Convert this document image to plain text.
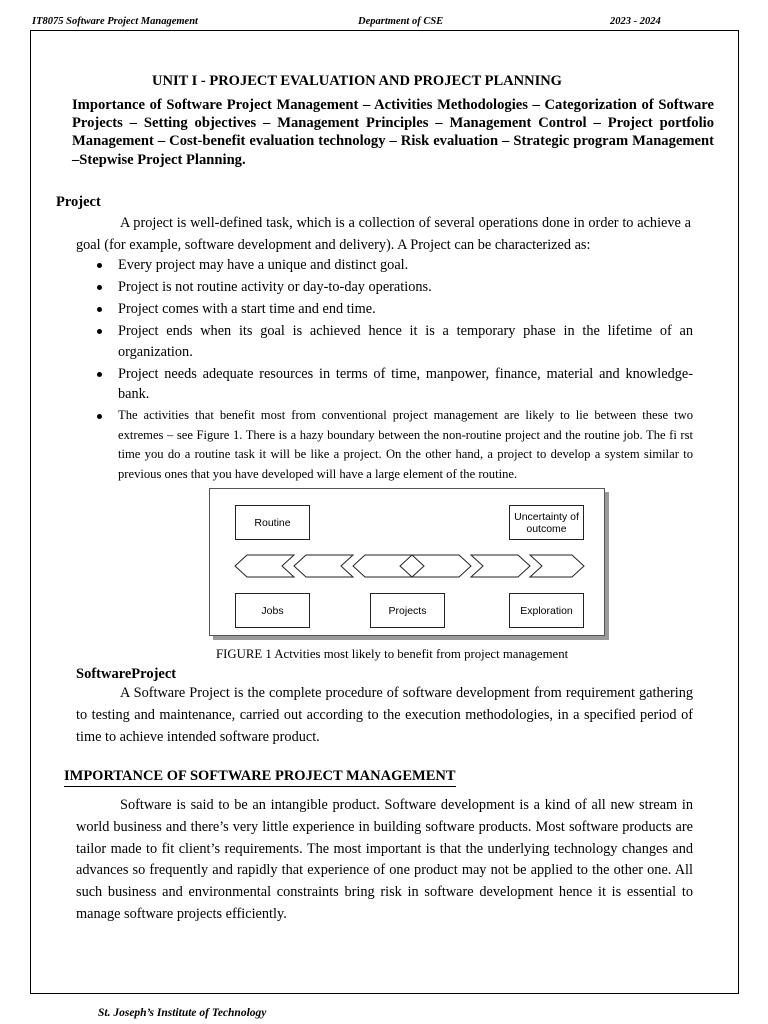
IT8075 Software Project Management	Department of CSE	2023 - 2024
UNIT I - PROJECT EVALUATION AND PROJECT PLANNING
Importance of Software Project Management – Activities Methodologies – Categorization of Software Projects – Setting objectives – Management Principles – Management Control – Project portfolio Management – Cost-benefit evaluation technology – Risk evaluation – Strategic program Management –Stepwise Project Planning.
Project
A project is well-defined task, which is a collection of several operations done in order to achieve a goal (for example, software development and delivery). A Project can be characterized as:
Every project may have a unique and distinct goal.
Project is not routine activity or day-to-day operations.
Project comes with a start time and end time.
Project ends when its goal is achieved hence it is a temporary phase in the lifetime of an organization.
Project needs adequate resources in terms of time, manpower, finance, material and knowledge-bank.
The activities that benefit most from conventional project management are likely to lie between these two extremes – see Figure 1. There is a hazy boundary between the non-routine project and the routine job. The fi rst time you do a routine task it will be like a project. On the other hand, a project to develop a system similar to previous ones that you have developed will have a large element of the routine.
Routine	Uncertainty of outcome
Jobs	Projects	Exploration
FIGURE 1 Actvities most likely to benefit from project management
SoftwareProject
A Software Project is the complete procedure of software development from requirement gathering to testing and maintenance, carried out according to the execution methodologies, in a specified period of time to achieve intended software product.
IMPORTANCE OF SOFTWARE PROJECT MANAGEMENT
Software is said to be an intangible product. Software development is a kind of all new stream in world business and there’s very little experience in building software products. Most software products are tailor made to fit client’s requirements. The most important is that the underlying technology changes and advances so frequently and rapidly that experience of one product may not be applied to the other one. All such business and environmental constraints bring risk in software development hence it is essential to manage software projects efficiently.
St. Joseph’s Institute of Technology
